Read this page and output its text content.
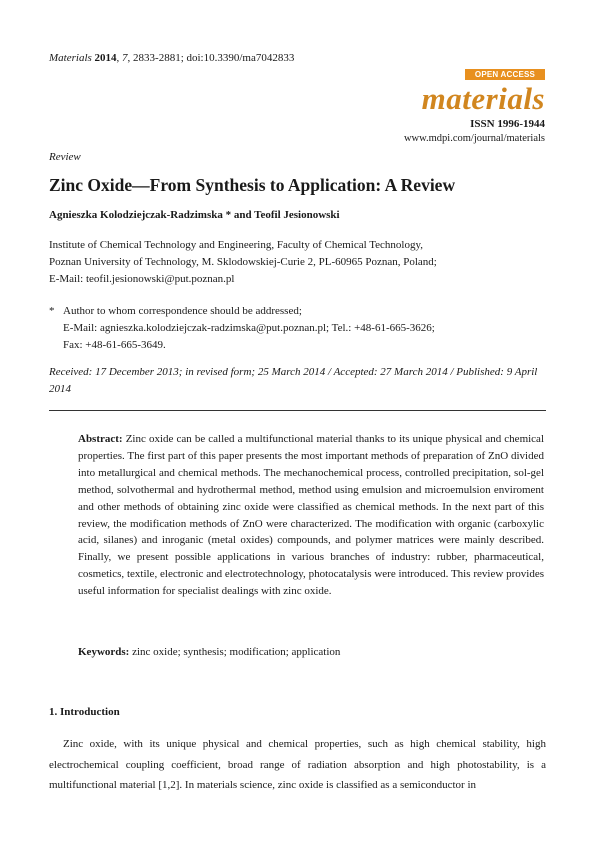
Materials 2014, 7, 2833-2881; doi:10.3390/ma7042833
OPEN ACCESS
materials
ISSN 1996-1944
www.mdpi.com/journal/materials
Review
Zinc Oxide—From Synthesis to Application: A Review
Agnieszka Kolodziejczak-Radzimska * and Teofil Jesionowski
Institute of Chemical Technology and Engineering, Faculty of Chemical Technology,
Poznan University of Technology, M. Sklodowskiej-Curie 2, PL-60965 Poznan, Poland;
E-Mail: teofil.jesionowski@put.poznan.pl
* Author to whom correspondence should be addressed;
E-Mail: agnieszka.kolodziejczak-radzimska@put.poznan.pl; Tel.: +48-61-665-3626;
Fax: +48-61-665-3649.
Received: 17 December 2013; in revised form; 25 March 2014 / Accepted: 27 March 2014 / Published: 9 April 2014
Abstract: Zinc oxide can be called a multifunctional material thanks to its unique physical and chemical properties. The first part of this paper presents the most important methods of preparation of ZnO divided into metallurgical and chemical methods. The mechanochemical process, controlled precipitation, sol-gel method, solvothermal and hydrothermal method, method using emulsion and microemulsion enviroment and other methods of obtaining zinc oxide were classified as chemical methods. In the next part of this review, the modification methods of ZnO were characterized. The modification with organic (carboxylic acid, silanes) and inroganic (metal oxides) compounds, and polymer matrices were mainly described. Finally, we present possible applications in various branches of industry: rubber, pharmaceutical, cosmetics, textile, electronic and electrotechnology, photocatalysis were introduced. This review provides useful information for specialist dealings with zinc oxide.
Keywords: zinc oxide; synthesis; modification; application
1. Introduction
Zinc oxide, with its unique physical and chemical properties, such as high chemical stability, high electrochemical coupling coefficient, broad range of radiation absorption and high photostability, is a multifunctional material [1,2]. In materials science, zinc oxide is classified as a semiconductor in
